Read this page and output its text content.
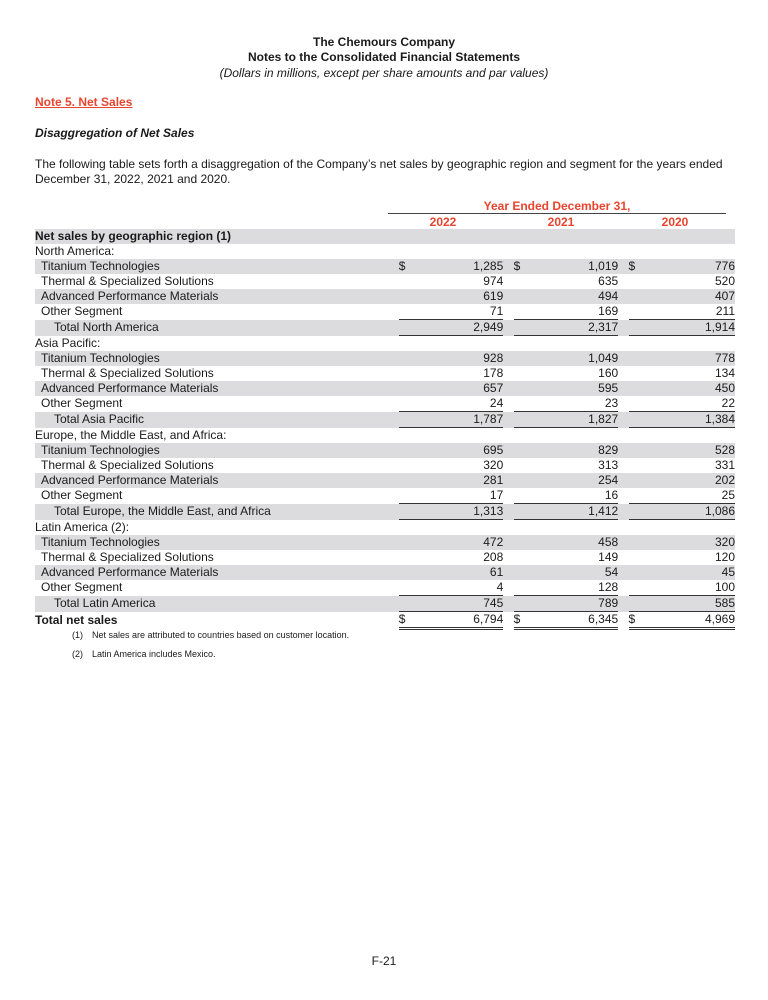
The Chemours Company
Notes to the Consolidated Financial Statements
(Dollars in millions, except per share amounts and par values)
Note 5. Net Sales
Disaggregation of Net Sales
The following table sets forth a disaggregation of the Company’s net sales by geographic region and segment for the years ended December 31, 2022, 2021 and 2020.
Year Ended December 31,
2022	2021	2020
Net sales by geographic region (1)								
North America:								
Titanium Technologies	$	1,285		$	1,019		$	776
Thermal & Specialized Solutions		974			635			520
Advanced Performance Materials		619			494			407
Other Segment		71			169			211
Total North America		2,949			2,317			1,914
Asia Pacific:								
Titanium Technologies		928			1,049			778
Thermal & Specialized Solutions		178			160			134
Advanced Performance Materials		657			595			450
Other Segment		24			23			22
Total Asia Pacific		1,787			1,827			1,384
Europe, the Middle East, and Africa:								
Titanium Technologies		695			829			528
Thermal & Specialized Solutions		320			313			331
Advanced Performance Materials		281			254			202
Other Segment		17			16			25
Total Europe, the Middle East, and Africa		1,313			1,412			1,086
Latin America (2):								
Titanium Technologies		472			458			320
Thermal & Specialized Solutions		208			149			120
Advanced Performance Materials		61			54			45
Other Segment		4			128			100
Total Latin America		745			789			585
Total net sales	$	6,794		$	6,345		$	4,969
(1) Net sales are attributed to countries based on customer location.
(2) Latin America includes Mexico.
F-21
